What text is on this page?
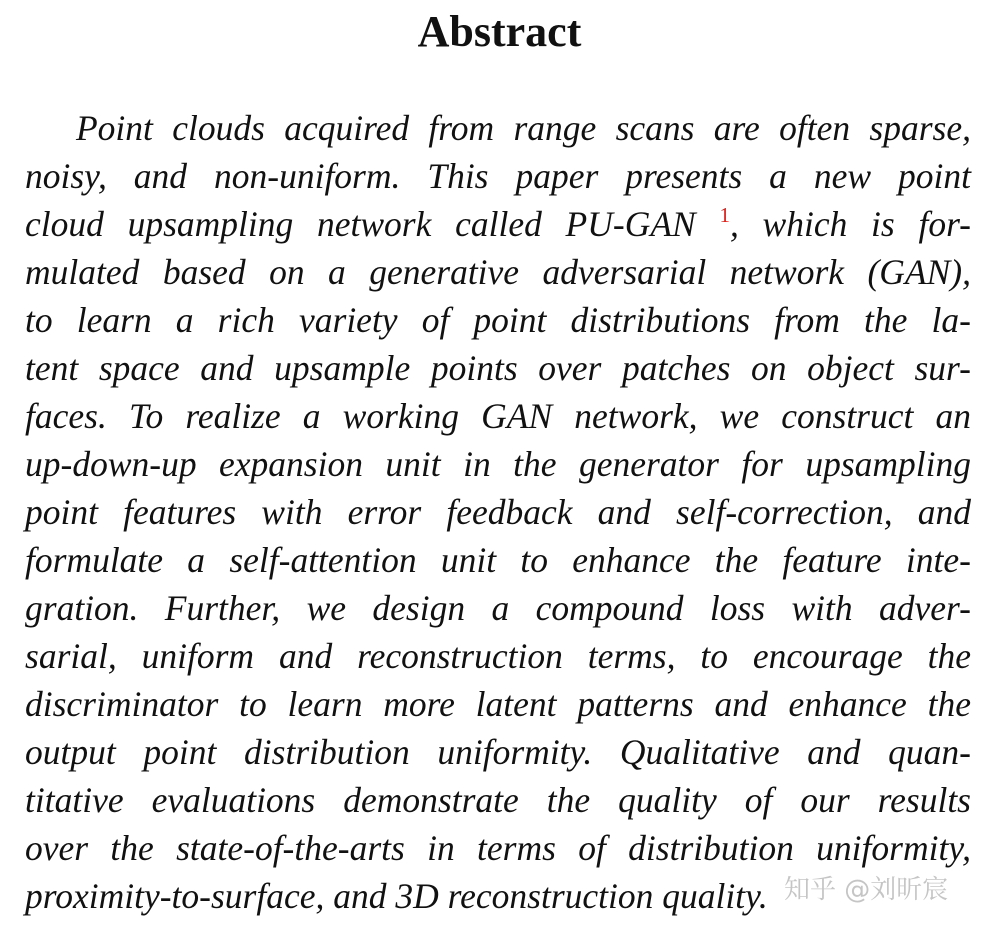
Abstract
Point clouds acquired from range scans are often sparse,
noisy, and non-uniform. This paper presents a new point
cloud upsampling network called PU-GAN $^1$, which is for-
mulated based on a generative adversarial network (GAN),
to learn a rich variety of point distributions from the la-
tent space and upsample points over patches on object sur-
faces. To realize a working GAN network, we construct an
up-down-up expansion unit in the generator for upsampling
point features with error feedback and self-correction, and
formulate a self-attention unit to enhance the feature inte-
gration. Further, we design a compound loss with adver-
sarial, uniform and reconstruction terms, to encourage the
discriminator to learn more latent patterns and enhance the
output point distribution uniformity. Qualitative and quan-
titative evaluations demonstrate the quality of our results
over the state-of-the-arts in terms of distribution uniformity,
proximity-to-surface, and 3D reconstruction quality. 知乎 @刘昕宸
